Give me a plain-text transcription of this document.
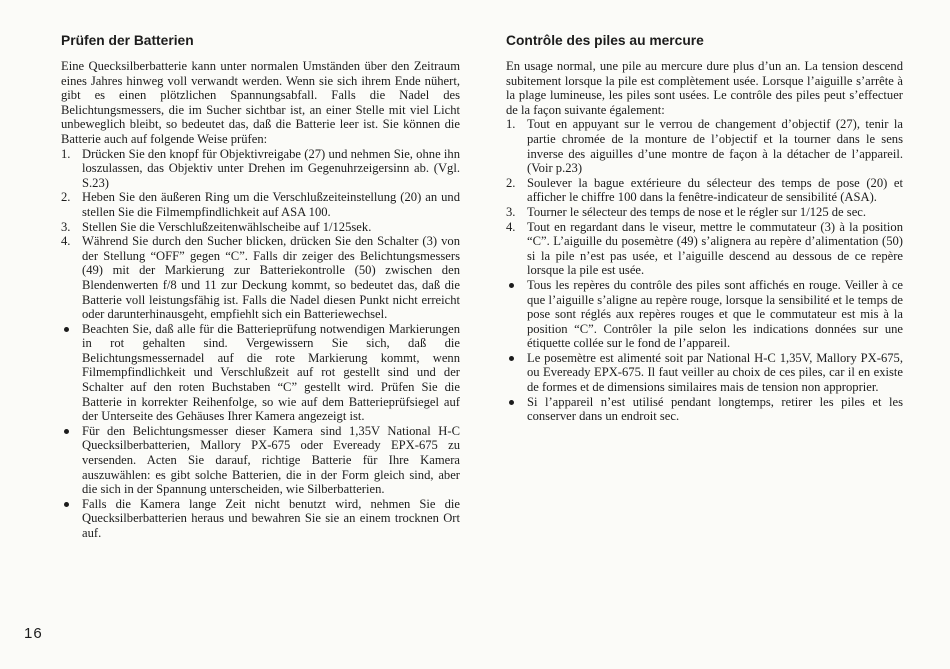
Prüfen der Batterien

Eine Quecksilberbatterie kann unter normalen Umständen über den Zeitraum eines Jahres hinweg voll verwandt werden. Wenn sie sich ihrem Ende nühert, gibt es einen plötzlichen Spannungsabfall. Falls die Nadel des Belichtungsmessers, die im Sucher sichtbar ist, an einer Stelle mit viel Licht unbeweglich bleibt, so bedeutet das, daß die Batterie leer ist. Sie können die Batterie auch auf folgende Weise prüfen:

1. Drücken Sie den knopf für Objektivreigabe (27) und nehmen Sie, ohne ihn loszulassen, das Objektiv unter Drehen im Gegenuhrzeigersinn ab. (Vgl. S.23)
2. Heben Sie den äußeren Ring um die Verschlußzeiteinstellung (20) an und stellen Sie die Filmempfindlichkeit auf ASA 100.
3. Stellen Sie die Verschlußzeitenwählscheibe auf 1/125sek.
4. Während Sie durch den Sucher blicken, drücken Sie den Schalter (3) von der Stellung “OFF” gegen “C”. Falls dir zeiger des Belichtungsmessers (49) mit der Markierung zur Batteriekontrolle (50) zwischen den Blendenwerten f/8 und 11 zur Deckung kommt, so bedeutet das, daß die Batterie voll leistungsfähig ist. Falls die Nadel diesen Punkt nicht erreicht oder darunterhinausgeht, empfiehlt sich ein Batteriewechsel.
Beachten Sie, daß alle für die Batterieprüfung notwendigen Markierungen in rot gehalten sind. Vergewissern Sie sich, daß die Belichtungsmessernadel auf die rote Markierung kommt, wenn Filmempfindlichkeit und Verschlußzeit auf rot gestellt sind und der Schalter auf den roten Buchstaben “C” gestellt wird. Prüfen Sie die Batterie in korrekter Reihenfolge, so wie auf dem Batterieprüfsiegel auf der Unterseite des Gehäuses Ihrer Kamera angezeigt ist.
Für den Belichtungsmesser dieser Kamera sind 1,35V National H-C Quecksilberbatterien, Mallory PX-675 oder Eveready EPX-675 zu versenden. Acten Sie darauf, richtige Batterie für Ihre Kamera auszuwählen: es gibt solche Batterien, die in der Form gleich sind, aber die sich in der Spannung unterscheiden, wie Silberbatterien.
Falls die Kamera lange Zeit nicht benutzt wird, nehmen Sie die Quecksilberbatterien heraus und bewahren Sie sie an einem trocknen Ort auf.
Contrôle des piles au mercure

En usage normal, une pile au mercure dure plus d’un an. La tension descend subitement lorsque la pile est complètement usée. Lorsque l’aiguille s’arrête à la plage lumineuse, les piles sont usées. Le contrôle des piles peut s’effectuer de la façon suivante également:

1. Tout en appuyant sur le verrou de changement d’objectif (27), tenir la partie chromée de la monture de l’objectif et la tourner dans le sens inverse des aiguilles d’une montre de façon à la détacher de l’appareil. (Voir p.23)
2. Soulever la bague extérieure du sélecteur des temps de pose (20) et afficher le chiffre 100 dans la fenêtre-indicateur de sensibilité (ASA).
3. Tourner le sélecteur des temps de nose et le régler sur 1/125 de sec.
4. Tout en regardant dans le viseur, mettre le commutateur (3) à la position “C”. L’aiguille du posemètre (49) s’alignera au repère d’alimentation (50) si la pile n’est pas usée, et l’aiguille descend au dessous de ce repère lorsque la pile est usée.
Tous les repères du contrôle des piles sont affichés en rouge. Veiller à ce que l’aiguille s’aligne au repère rouge, lorsque la sensibilité et le temps de pose sont réglés aux repères rouges et que le commutateur est mis à la position “C”. Contrôler la pile selon les indications données sur une étiquette collée sur le fond de l’appareil.
Le posemètre est alimenté soit par National H-C 1,35V, Mallory PX-675, ou Eveready EPX-675. Il faut veiller au choix de ces piles, car il en existe de formes et de dimensions similaires mais de tension non approprier.
Si l’appareil n’est utilisé pendant longtemps, retirer les piles et les conserver dans un endroit sec.
16
